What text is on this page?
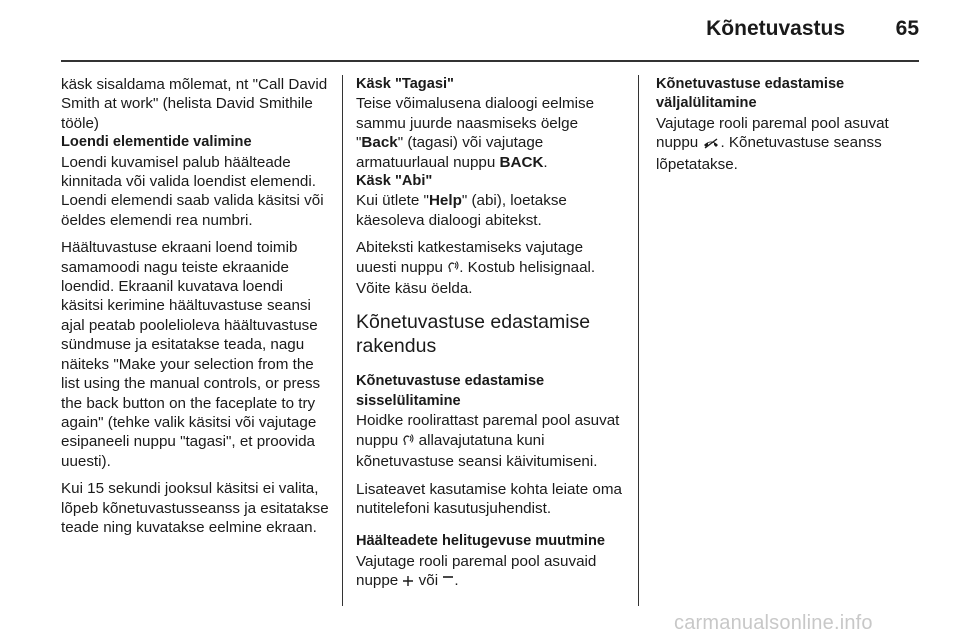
Kõnetuvastus 65

käsk sisaldama mõlemat, nt "Call David Smith at work" (helista David Smithile tööle)

Loendi elementide valimine

Loendi kuvamisel palub häälteade kinnitada või valida loendist elemendi. Loendi elemendi saab valida käsitsi või öeldes elemendi rea numbri.

Häältuvastuse ekraani loend toimib samamoodi nagu teiste ekraanide loendid. Ekraanil kuvatava loendi käsitsi kerimine häältuvastuse seansi ajal peatab poolelioleva häältuvastuse sündmuse ja esitatakse teada, nagu näiteks "Make your selection from the list using the manual controls, or press the back button on the faceplate to try again" (tehke valik käsitsi või vajutage esipaneeli nuppu "tagasi", et proovida uuesti).

Kui 15 sekundi jooksul käsitsi ei valita, lõpeb kõnetuvastusseanss ja esitatakse teade ning kuvatakse eelmine ekraan.

Käsk "Tagasi"

Teise võimalusena dialoogi eelmise sammu juurde naasmiseks öelge "Back" (tagasi) või vajutage armatuurlaual nuppu BACK.

Käsk "Abi"

Kui ütlete "Help" (abi), loetakse käesoleva dialoogi abitekst.

Abiteksti katkestamiseks vajutage uuesti nuppu . Kostub helisignaal. Võite käsu öelda.

Kõnetuvastuse edastamise rakendus

Kõnetuvastuse edastamise sisselülitamine

Hoidke roolirattast paremal pool asuvat nuppu  allavajutatuna kuni kõnetuvastuse seansi käivitumiseni.

Lisateavet kasutamise kohta leiate oma nutitelefoni kasutusjuhendist.

Häälteadete helitugevuse muutmine

Vajutage rooli paremal pool asuvaid nuppe  või .

Kõnetuvastuse edastamise väljalülitamine

Vajutage rooli paremal pool asuvat nuppu . Kõnetuvastuse seanss lõpetatakse.

carmanualsonline.info
